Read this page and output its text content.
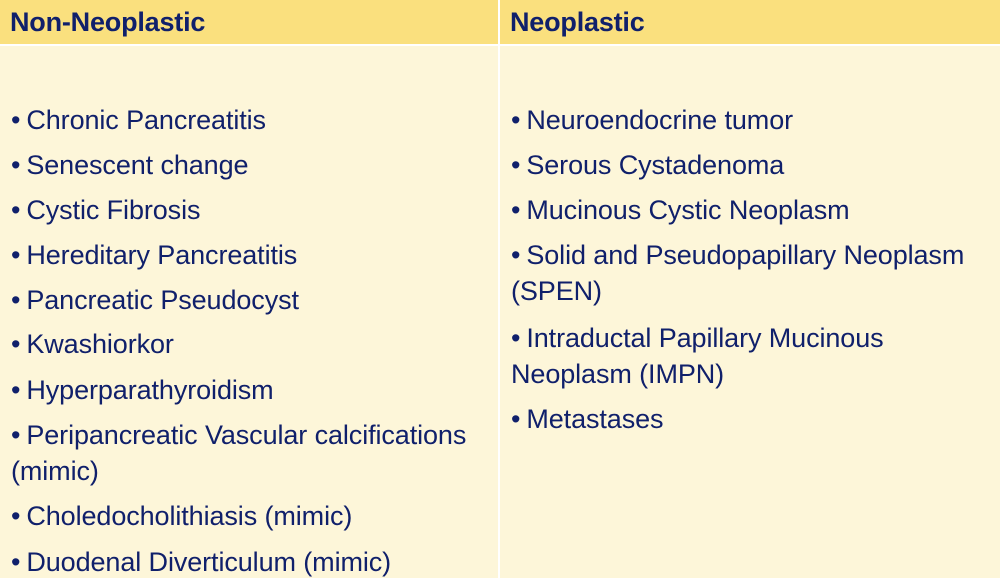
Non-Neoplastic
• Chronic Pancreatitis
• Senescent change
• Cystic Fibrosis
• Hereditary Pancreatitis
• Pancreatic Pseudocyst
• Kwashiorkor
• Hyperparathyroidism
• Peripancreatic Vascular calcifications (mimic)
• Choledocholithiasis (mimic)
• Duodenal Diverticulum (mimic)
Neoplastic
• Neuroendocrine tumor
• Serous Cystadenoma
• Mucinous Cystic Neoplasm
• Solid and Pseudopapillary Neoplasm (SPEN)
• Intraductal Papillary Mucinous Neoplasm (IMPN)
• Metastases
